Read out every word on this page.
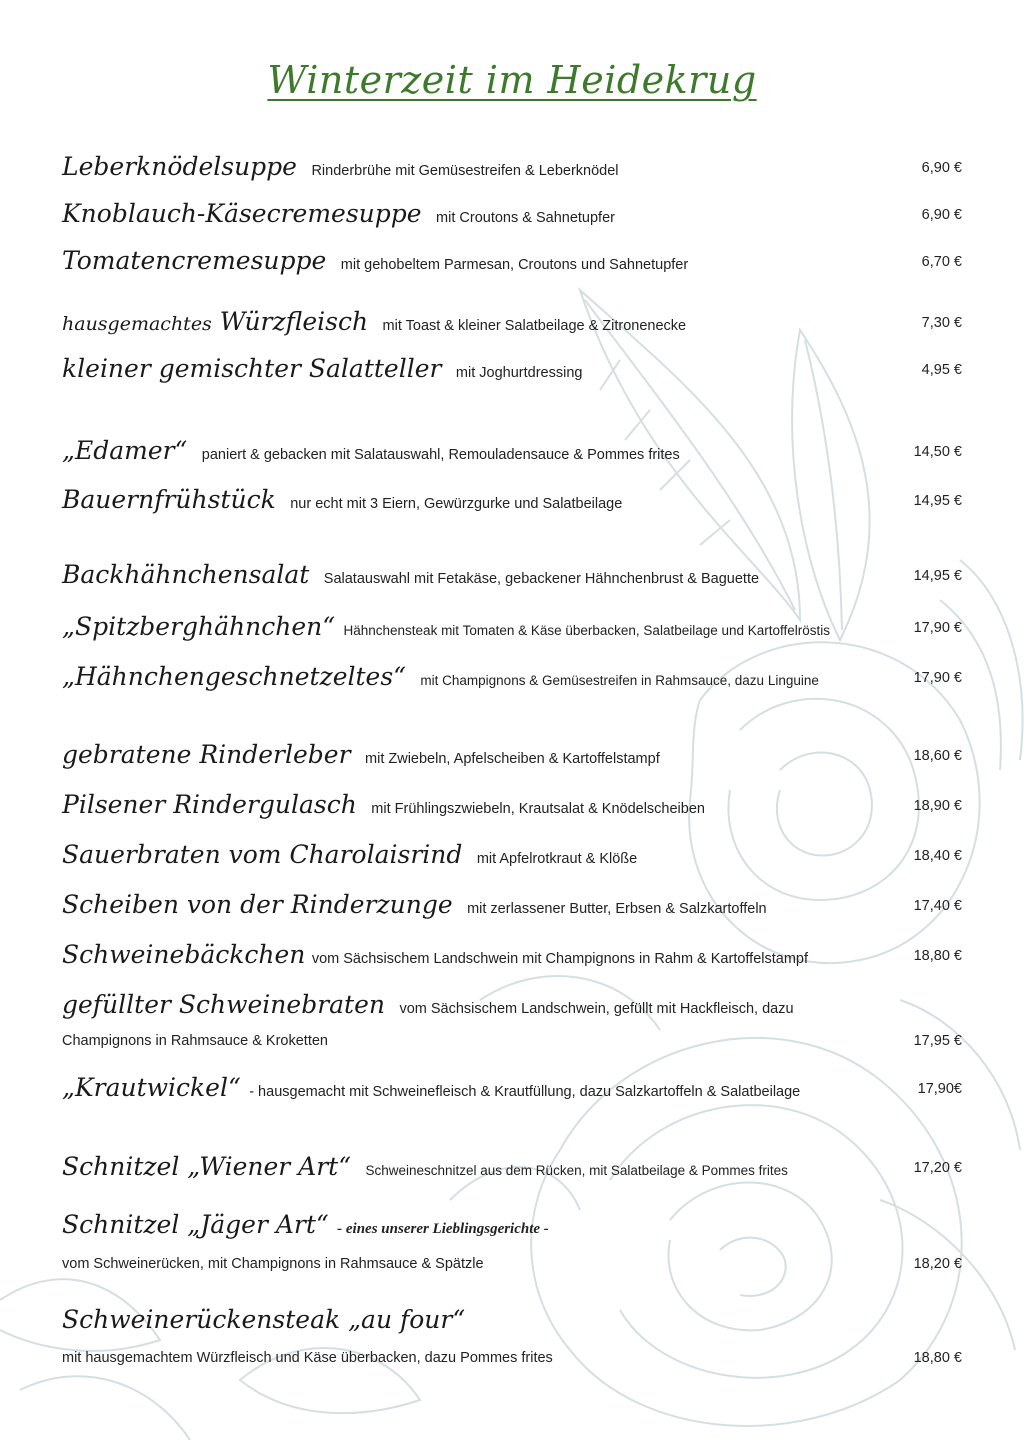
Winterzeit im Heidekrug
Leberknödelsuppe Rinderbrühe mit Gemüsestreifen & Leberknödel	6,90 €
Knoblauch-Käsecremesuppe mit Croutons & Sahnetupfer	6,90 €
Tomatencremesuppe mit gehobeltem Parmesan, Croutons und Sahnetupfer	6,70 €
hausgemachtes Würzfleisch mit Toast & kleiner Salatbeilage & Zitronenecke	7,30 €
kleiner gemischter Salatteller mit Joghurtdressing	4,95 €
„Edamer“ paniert & gebacken mit Salatauswahl, Remouladensauce & Pommes frites	14,50 €
Bauernfrühstück nur echt mit 3 Eiern, Gewürzgurke und Salatbeilage	14,95 €
Backhähnchensalat Salatauswahl mit Fetakäse, gebackener Hähnchenbrust & Baguette	14,95 €
„Spitzberghähnchen“ Hähnchensteak mit Tomaten & Käse überbacken, Salatbeilage und Kartoffelröstis	17,90 €
„Hähnchengeschnetzeltes“ mit Champignons & Gemüsestreifen in Rahmsauce, dazu Linguine	17,90 €
gebratene Rinderleber mit Zwiebeln, Apfelscheiben & Kartoffelstampf	18,60 €
Pilsener Rindergulasch mit Frühlingszwiebeln, Krautsalat & Knödelscheiben	18,90 €
Sauerbraten vom Charolaisrind mit Apfelrotkraut & Klöße	18,40 €
Scheiben von der Rinderzunge mit zerlassener Butter, Erbsen & Salzkartoffeln	17,40 €
Schweinebäckchen vom Sächsischem Landschwein mit Champignons in Rahm & Kartoffelstampf	18,80 €
gefüllter Schweinebraten vom Sächsischem Landschwein, gefüllt mit Hackfleisch, dazu
Champignons in Rahmsauce & Kroketten	17,95 €
„Krautwickel“ - hausgemacht mit Schweinefleisch & Krautfüllung, dazu Salzkartoffeln & Salatbeilage	17,90€
Schnitzel „Wiener Art“ Schweineschnitzel aus dem Rücken, mit Salatbeilage & Pommes frites	17,20 €
Schnitzel „Jäger Art“ - eines unserer Lieblingsgerichte -
vom Schweinerücken, mit Champignons in Rahmsauce & Spätzle	18,20 €
Schweinerückensteak „au four“
mit hausgemachtem Würzfleisch und Käse überbacken, dazu Pommes frites	18,80 €
